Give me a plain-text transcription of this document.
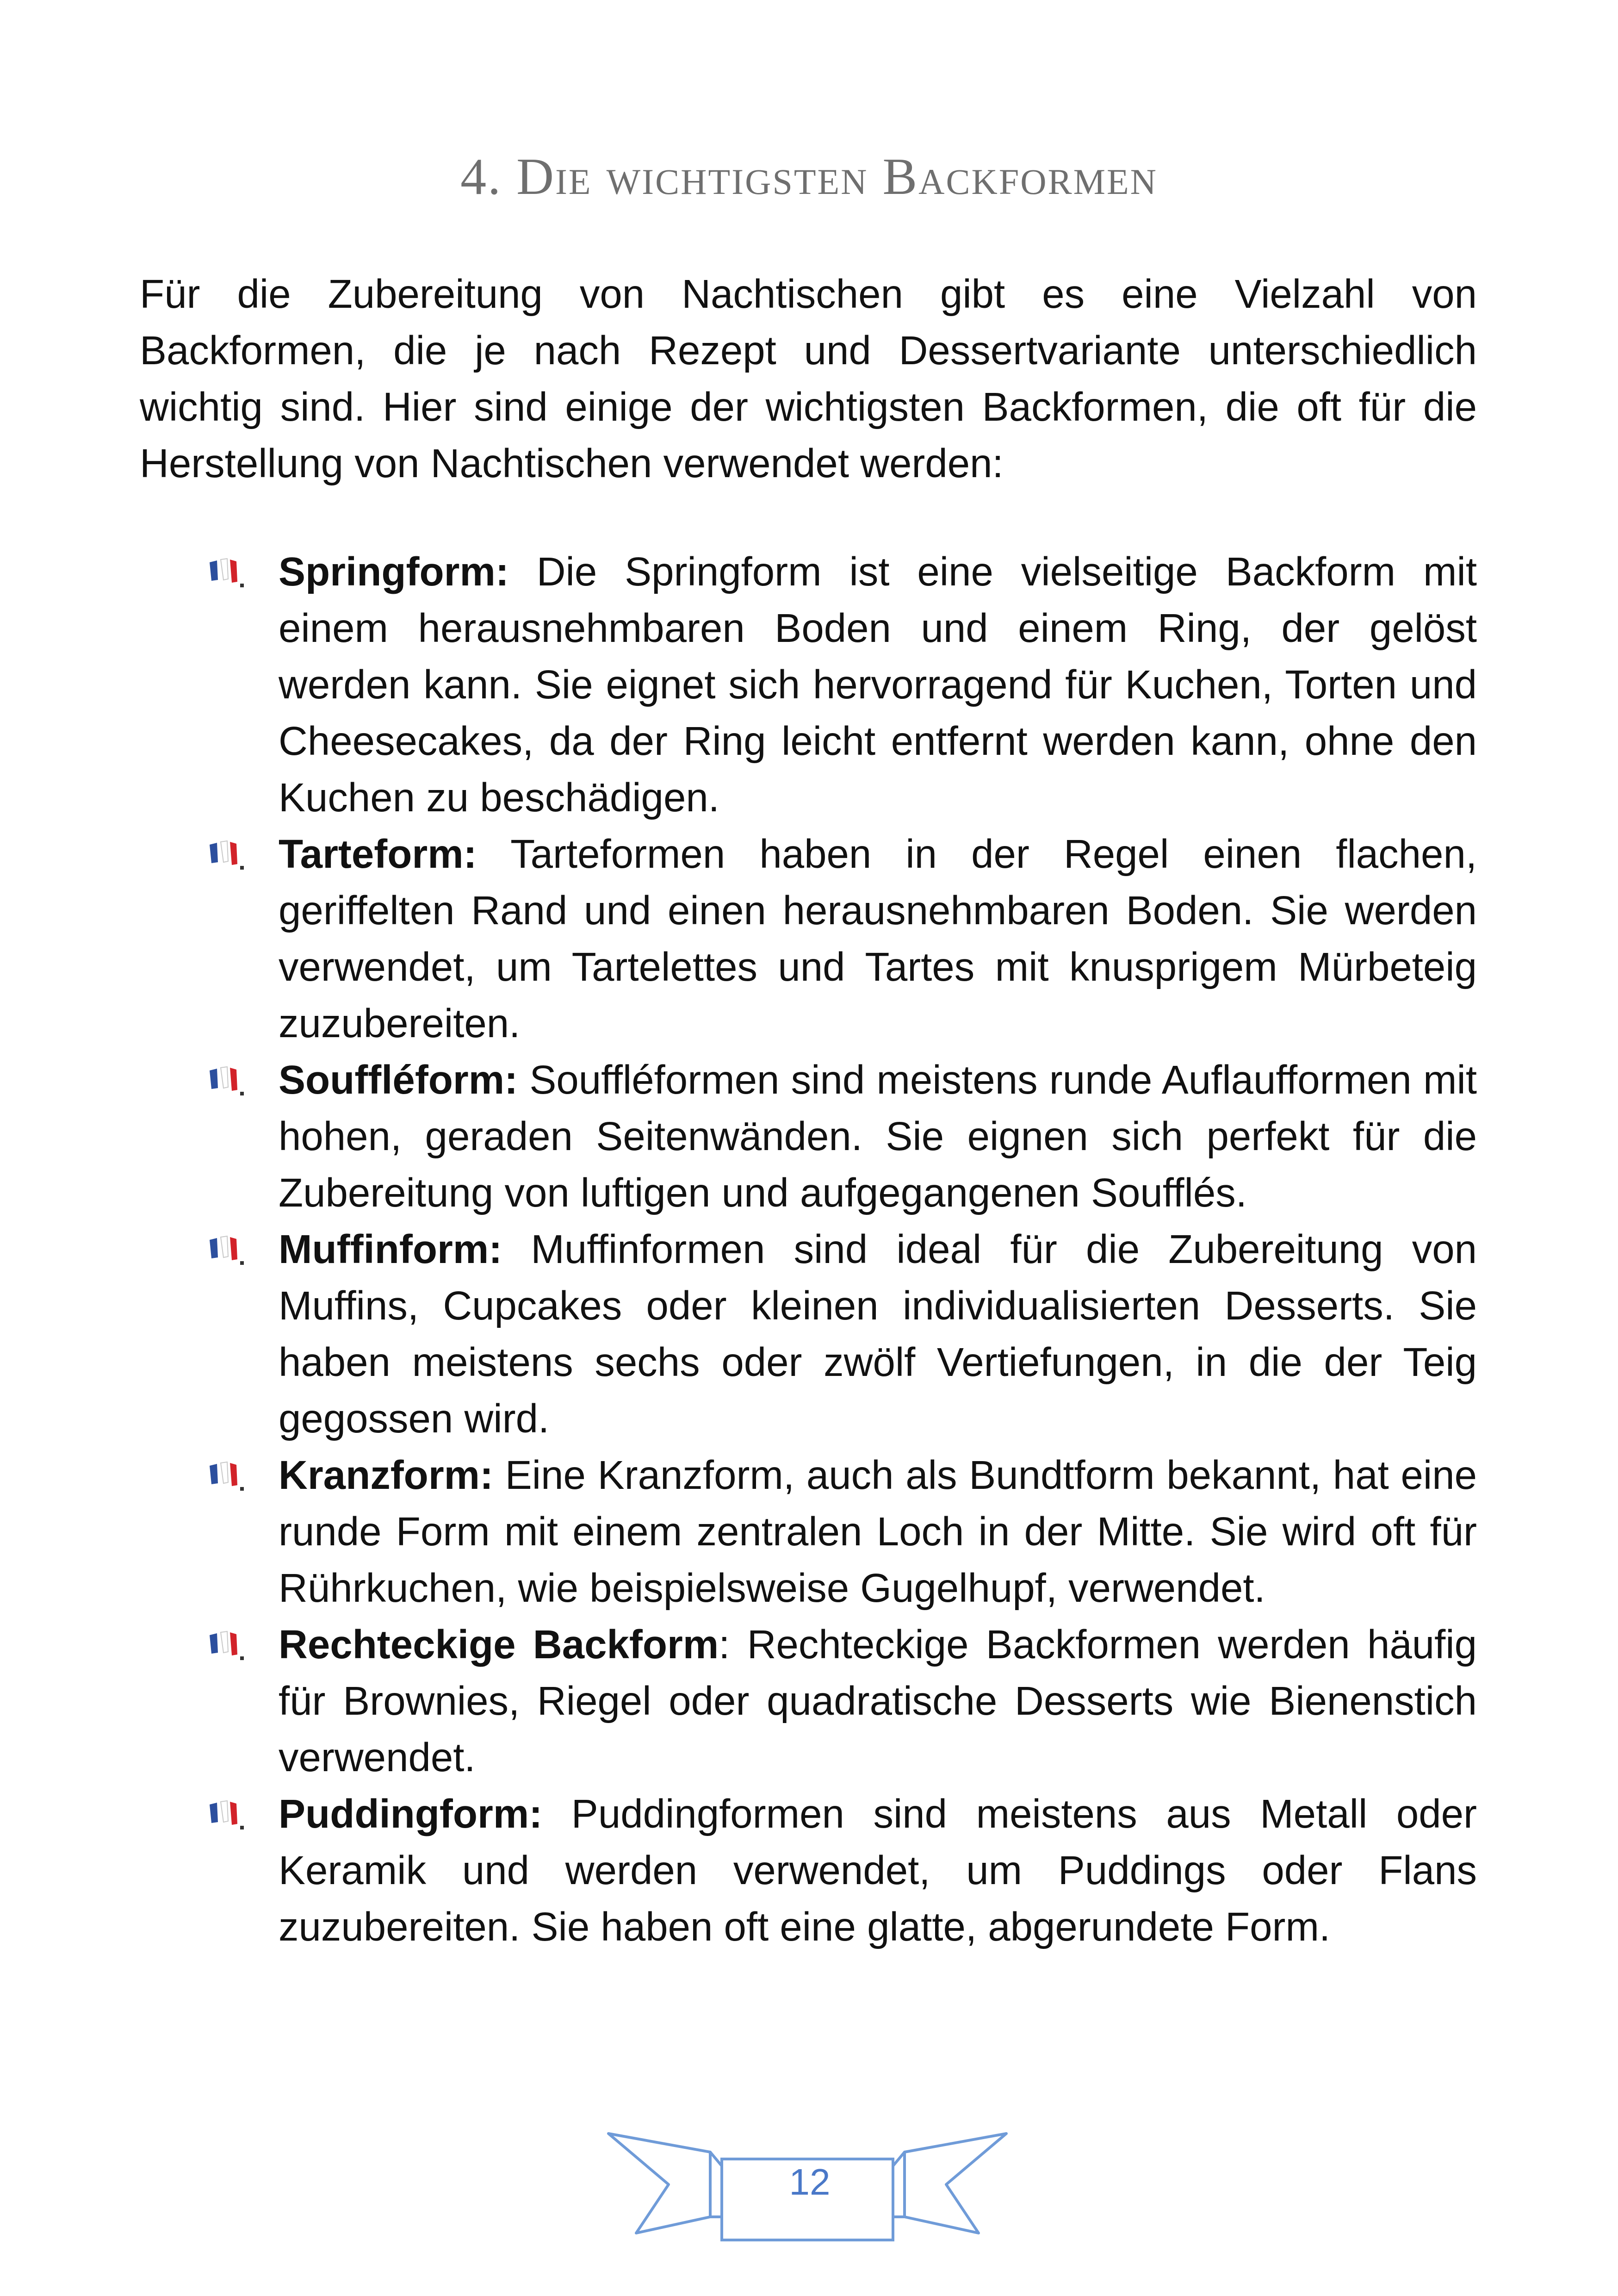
4. Die wichtigsten Backformen

Für die Zubereitung von Nachtischen gibt es eine Vielzahl von Backformen, die je nach Rezept und Dessertvariante unterschiedlich wichtig sind. Hier sind einige der wichtigsten Backformen, die oft für die Herstellung von Nachtischen verwendet werden:

Springform: Die Springform ist eine vielseitige Backform mit einem herausnehmbaren Boden und einem Ring, der gelöst werden kann. Sie eignet sich hervorragend für Kuchen, Torten und Cheesecakes, da der Ring leicht entfernt werden kann, ohne den Kuchen zu beschädigen.
Tarteform: Tarteformen haben in der Regel einen flachen, geriffelten Rand und einen herausnehmbaren Boden. Sie werden verwendet, um Tartelettes und Tartes mit knusprigem Mürbeteig zuzubereiten.
Souffléform: Souffléformen sind meistens runde Auflaufformen mit hohen, geraden Seitenwänden. Sie eignen sich perfekt für die Zubereitung von luftigen und aufgegangenen Soufflés.
Muffinform: Muffinformen sind ideal für die Zubereitung von Muffins, Cupcakes oder kleinen individualisierten Desserts. Sie haben meistens sechs oder zwölf Vertiefungen, in die der Teig gegossen wird.
Kranzform: Eine Kranzform, auch als Bundtform bekannt, hat eine runde Form mit einem zentralen Loch in der Mitte. Sie wird oft für Rührkuchen, wie beispielsweise Gugelhupf, verwendet.
Rechteckige Backform: Rechteckige Backformen werden häufig für Brownies, Riegel oder quadratische Desserts wie Bienenstich verwendet.
Puddingform: Puddingformen sind meistens aus Metall oder Keramik und werden verwendet, um Puddings oder Flans zuzubereiten. Sie haben oft eine glatte, abgerundete Form.
12
